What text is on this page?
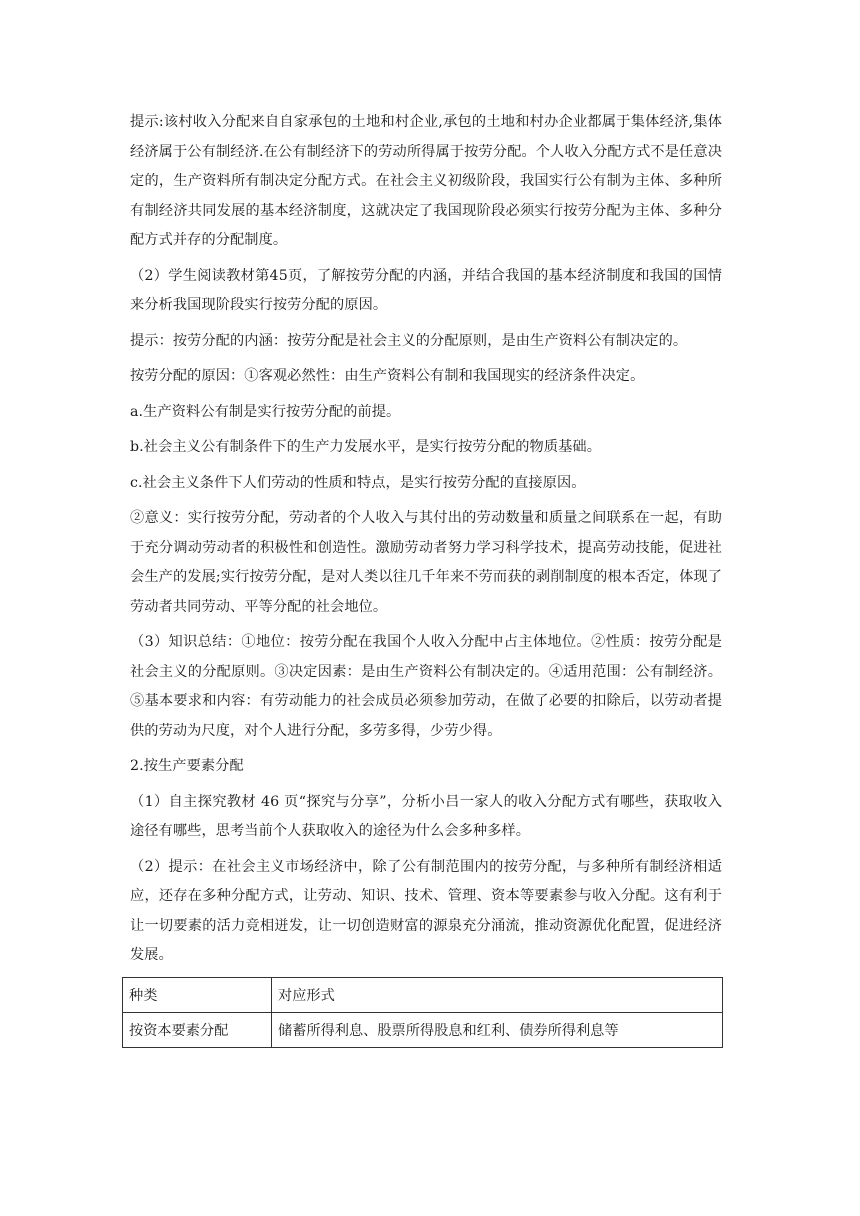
提示:该村收入分配来自自家承包的土地和村企业,承包的土地和村办企业都属于集体经济,集体经济属于公有制经济.在公有制经济下的劳动所得属于按劳分配。个人收入分配方式不是任意决定的，生产资料所有制决定分配方式。在社会主义初级阶段，我国实行公有制为主体、多种所有制经济共同发展的基本经济制度，这就决定了我国现阶段必须实行按劳分配为主体、多种分配方式并存的分配制度。

（2）学生阅读教材第45页，了解按劳分配的内涵，并结合我国的基本经济制度和我国的国情来分析我国现阶段实行按劳分配的原因。

提示：按劳分配的内涵：按劳分配是社会主义的分配原则，是由生产资料公有制决定的。

按劳分配的原因：①客观必然性：由生产资料公有制和我国现实的经济条件决定。

a.生产资料公有制是实行按劳分配的前提。

b.社会主义公有制条件下的生产力发展水平，是实行按劳分配的物质基础。

c.社会主义条件下人们劳动的性质和特点，是实行按劳分配的直接原因。

②意义：实行按劳分配，劳动者的个人收入与其付出的劳动数量和质量之间联系在一起，有助于充分调动劳动者的积极性和创造性。激励劳动者努力学习科学技术，提高劳动技能，促进社会生产的发展;实行按劳分配，是对人类以往几千年来不劳而获的剥削制度的根本否定，体现了劳动者共同劳动、平等分配的社会地位。

（3）知识总结：①地位：按劳分配在我国个人收入分配中占主体地位。②性质：按劳分配是社会主义的分配原则。③决定因素：是由生产资料公有制决定的。④适用范围：公有制经济。⑤基本要求和内容：有劳动能力的社会成员必须参加劳动，在做了必要的扣除后，以劳动者提供的劳动为尺度，对个人进行分配，多劳多得，少劳少得。

2.按生产要素分配

（1）自主探究教材 46 页“探究与分享”，分析小吕一家人的收入分配方式有哪些，获取收入途径有哪些，思考当前个人获取收入的途径为什么会多种多样。

（2）提示：在社会主义市场经济中，除了公有制范围内的按劳分配，与多种所有制经济相适应，还存在多种分配方式，让劳动、知识、技术、管理、资本等要素参与收入分配。这有利于让一切要素的活力竞相迸发，让一切创造财富的源泉充分涌流，推动资源优化配置，促进经济发展。

种类	对应形式
按资本要素分配	储蓄所得利息、股票所得股息和红利、债券所得利息等
